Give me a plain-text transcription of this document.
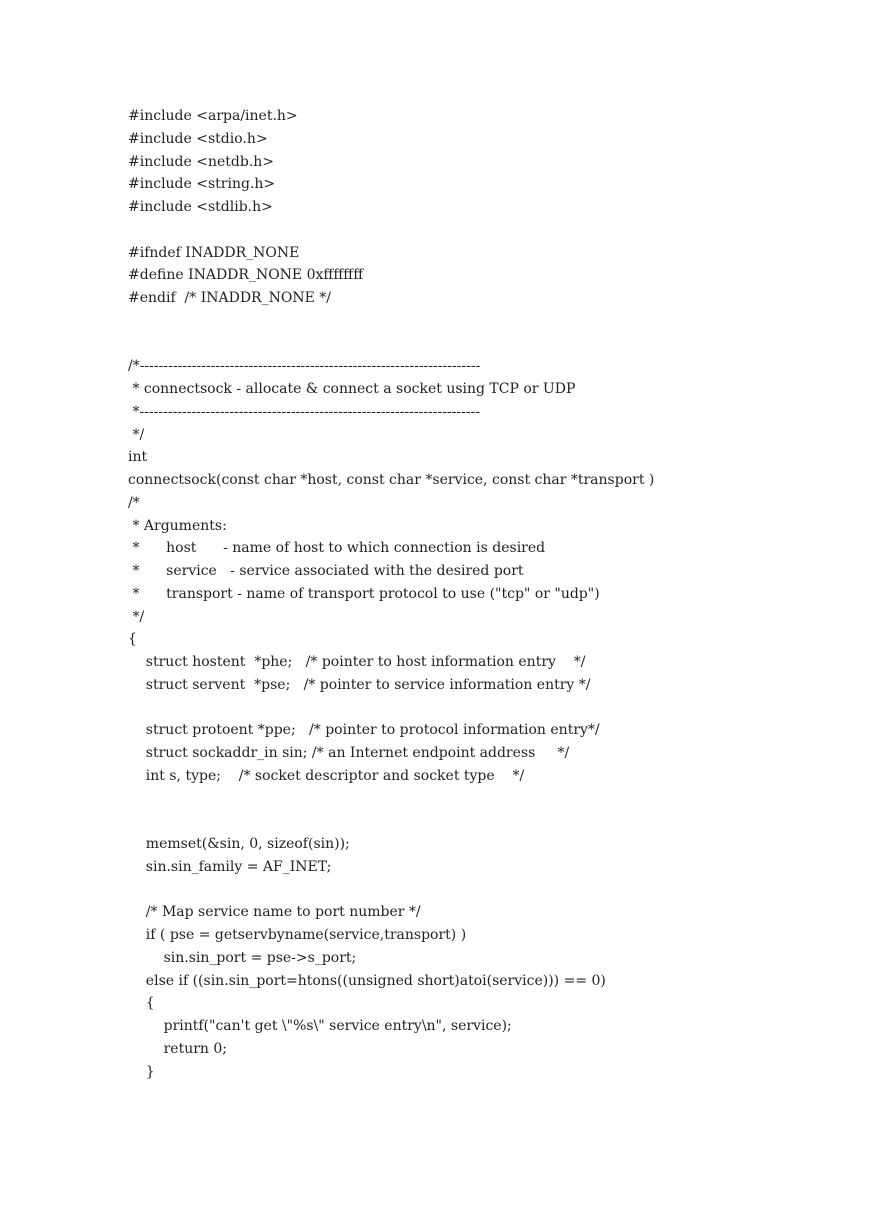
#include <arpa/inet.h>
#include <stdio.h>
#include <netdb.h>
#include <string.h>
#include <stdlib.h>
#ifndef INADDR_NONE
#define INADDR_NONE 0xffffffff
#endif  /* INADDR_NONE */
/*------------------------------------------------------------------------
* connectsock - allocate & connect a socket using TCP or UDP
*------------------------------------------------------------------------
*/
int
connectsock(const char *host, const char *service, const char *transport )
/*
* Arguments:
*      host      - name of host to which connection is desired
*      service   - service associated with the desired port
*      transport - name of transport protocol to use ("tcp" or "udp")
*/
{
struct hostent  *phe;   /* pointer to host information entry    */
struct servent  *pse;   /* pointer to service information entry */
struct protoent *ppe;   /* pointer to protocol information entry*/
struct sockaddr_in sin; /* an Internet endpoint address     */
int s, type;    /* socket descriptor and socket type    */
memset(&sin, 0, sizeof(sin));
sin.sin_family = AF_INET;
/* Map service name to port number */
if ( pse = getservbyname(service,transport) )
sin.sin_port = pse->s_port;
else if ((sin.sin_port=htons((unsigned short)atoi(service))) == 0)
{
printf("can't get \"%s\" service entry\n", service);
return 0;
}
